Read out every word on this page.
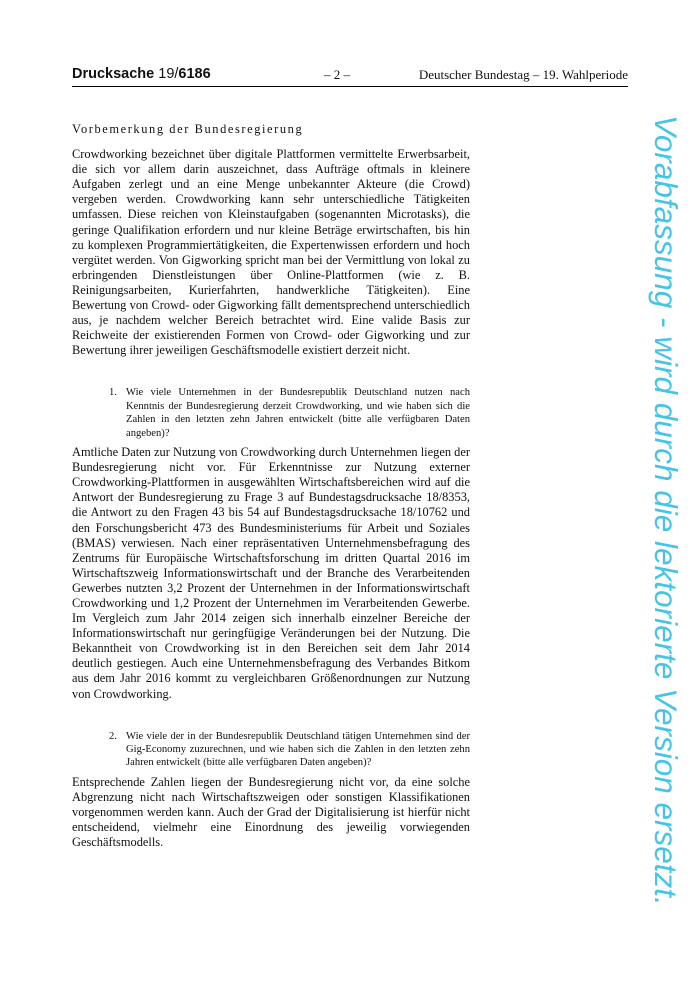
Drucksache 19/6186	– 2 –	Deutscher Bundestag – 19. Wahlperiode
Vorbemerkung der Bundesregierung

Crowdworking bezeichnet über digitale Plattformen vermittelte Erwerbsarbeit, die sich vor allem darin auszeichnet, dass Aufträge oftmals in kleinere Aufgaben zerlegt und an eine Menge unbekannter Akteure (die Crowd) vergeben werden. Crowdworking kann sehr unterschiedliche Tätigkeiten umfassen. Diese reichen von Kleinstaufgaben (sogenannten Microtasks), die geringe Qualifikation erfordern und nur kleine Beträge erwirtschaften, bis hin zu komplexen Programmiertätigkeiten, die Expertenwissen erfordern und hoch vergütet werden. Von Gigworking spricht man bei der Vermittlung von lokal zu erbringenden Dienstleistungen über Online-Plattformen (wie z. B. Reinigungsarbeiten, Kurierfahrten, handwerkliche Tätigkeiten). Eine Bewertung von Crowd- oder Gigworking fällt dementsprechend unterschiedlich aus, je nachdem welcher Bereich betrachtet wird. Eine valide Basis zur Reichweite der existierenden Formen von Crowd- oder Gigworking und zur Bewertung ihrer jeweiligen Geschäftsmodelle existiert derzeit nicht.

1. Wie viele Unternehmen in der Bundesrepublik Deutschland nutzen nach Kenntnis der Bundesregierung derzeit Crowdworking, und wie haben sich die Zahlen in den letzten zehn Jahren entwickelt (bitte alle verfügbaren Daten angeben)?

Amtliche Daten zur Nutzung von Crowdworking durch Unternehmen liegen der Bundesregierung nicht vor. Für Erkenntnisse zur Nutzung externer Crowdworking-Plattformen in ausgewählten Wirtschaftsbereichen wird auf die Antwort der Bundesregierung zu Frage 3 auf Bundestagsdrucksache 18/8353, die Antwort zu den Fragen 43 bis 54 auf Bundestagsdrucksache 18/10762 und den Forschungsbericht 473 des Bundesministeriums für Arbeit und Soziales (BMAS) verwiesen. Nach einer repräsentativen Unternehmensbefragung des Zentrums für Europäische Wirtschaftsforschung im dritten Quartal 2016 im Wirtschaftszweig Informationswirtschaft und der Branche des Verarbeitenden Gewerbes nutzten 3,2 Prozent der Unternehmen in der Informationswirtschaft Crowdworking und 1,2 Prozent der Unternehmen im Verarbeitenden Gewerbe. Im Vergleich zum Jahr 2014 zeigen sich innerhalb einzelner Bereiche der Informationswirtschaft nur geringfügige Veränderungen bei der Nutzung. Die Bekanntheit von Crowdworking ist in den Bereichen seit dem Jahr 2014 deutlich gestiegen. Auch eine Unternehmensbefragung des Verbandes Bitkom aus dem Jahr 2016 kommt zu vergleichbaren Größenordnungen zur Nutzung von Crowdworking.

2. Wie viele der in der Bundesrepublik Deutschland tätigen Unternehmen sind der Gig-Economy zuzurechnen, und wie haben sich die Zahlen in den letzten zehn Jahren entwickelt (bitte alle verfügbaren Daten angeben)?

Entsprechende Zahlen liegen der Bundesregierung nicht vor, da eine solche Abgrenzung nicht nach Wirtschaftszweigen oder sonstigen Klassifikationen vorgenommen werden kann. Auch der Grad der Digitalisierung ist hierfür nicht entscheidend, vielmehr eine Einordnung des jeweilig vorwiegenden Geschäftsmodells.	Vorabfassung - wird durch die lektorierte Version ersetzt.
